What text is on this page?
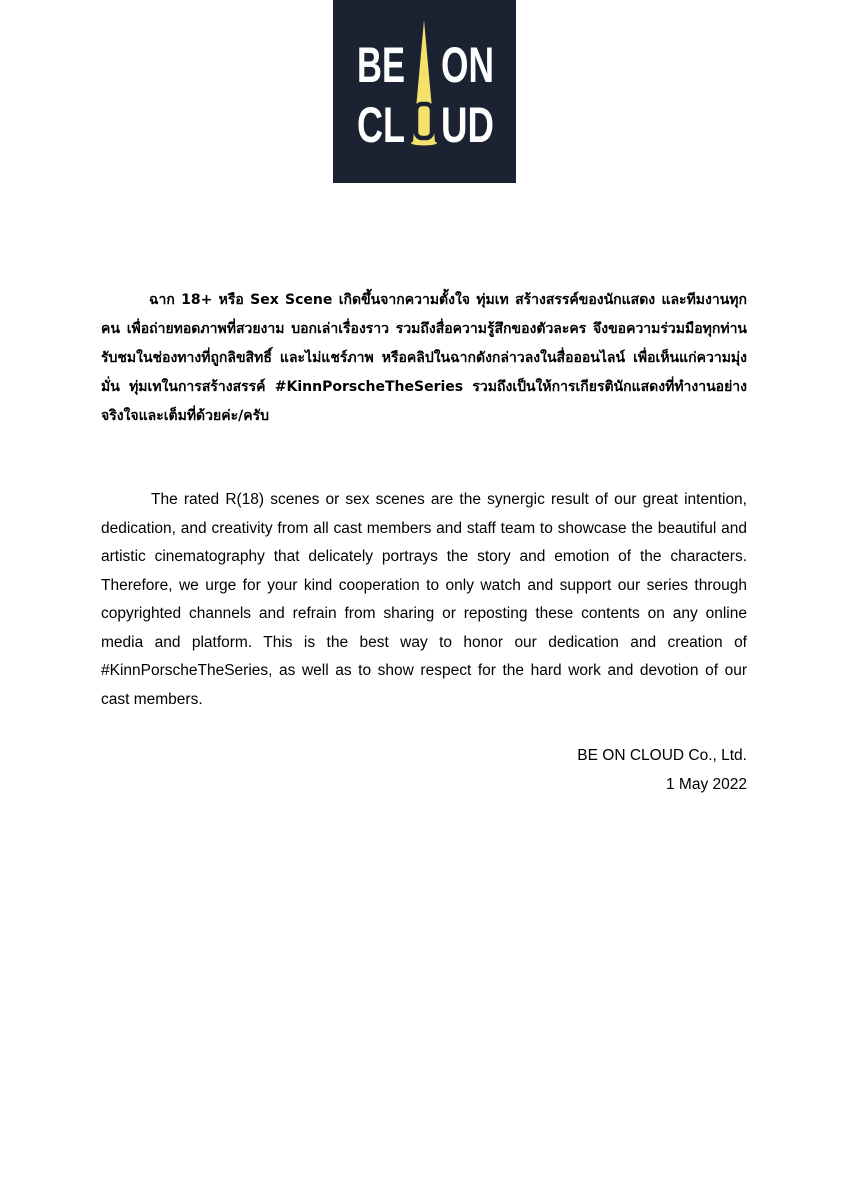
BE ON
CL UD

ฉาก 18+ หรือ Sex Scene เกิดขึ้นจากความตั้งใจ ทุ่มเท สร้างสรรค์ของนักแสดง และทีมงานทุกคน เพื่อถ่ายทอดภาพที่สวยงาม บอกเล่าเรื่องราว รวมถึงสื่อความรู้สึกของตัวละคร จึงขอความร่วมมือทุกท่านรับชมในช่องทางที่ถูกลิขสิทธิ์ และไม่แชร์ภาพ หรือคลิปในฉากดังกล่าวลงในสื่อออนไลน์ เพื่อเห็นแก่ความมุ่งมั่น ทุ่มเทในการสร้างสรรค์ #KinnPorscheTheSeries รวมถึงเป็นให้การเกียรตินักแสดงที่ทำงานอย่างจริงใจและเต็มที่ด้วยค่ะ/ครับ

The rated R(18) scenes or sex scenes are the synergic result of our great intention, dedication, and creativity from all cast members and staff team to showcase the beautiful and artistic cinematography that delicately portrays the story and emotion of the characters. Therefore, we urge for your kind cooperation to only watch and support our series through copyrighted channels and refrain from sharing or reposting these contents on any online media and platform. This is the best way to honor our dedication and creation of #KinnPorscheTheSeries, as well as to show respect for the hard work and devotion of our cast members.

BE ON CLOUD Co., Ltd.
1 May 2022
